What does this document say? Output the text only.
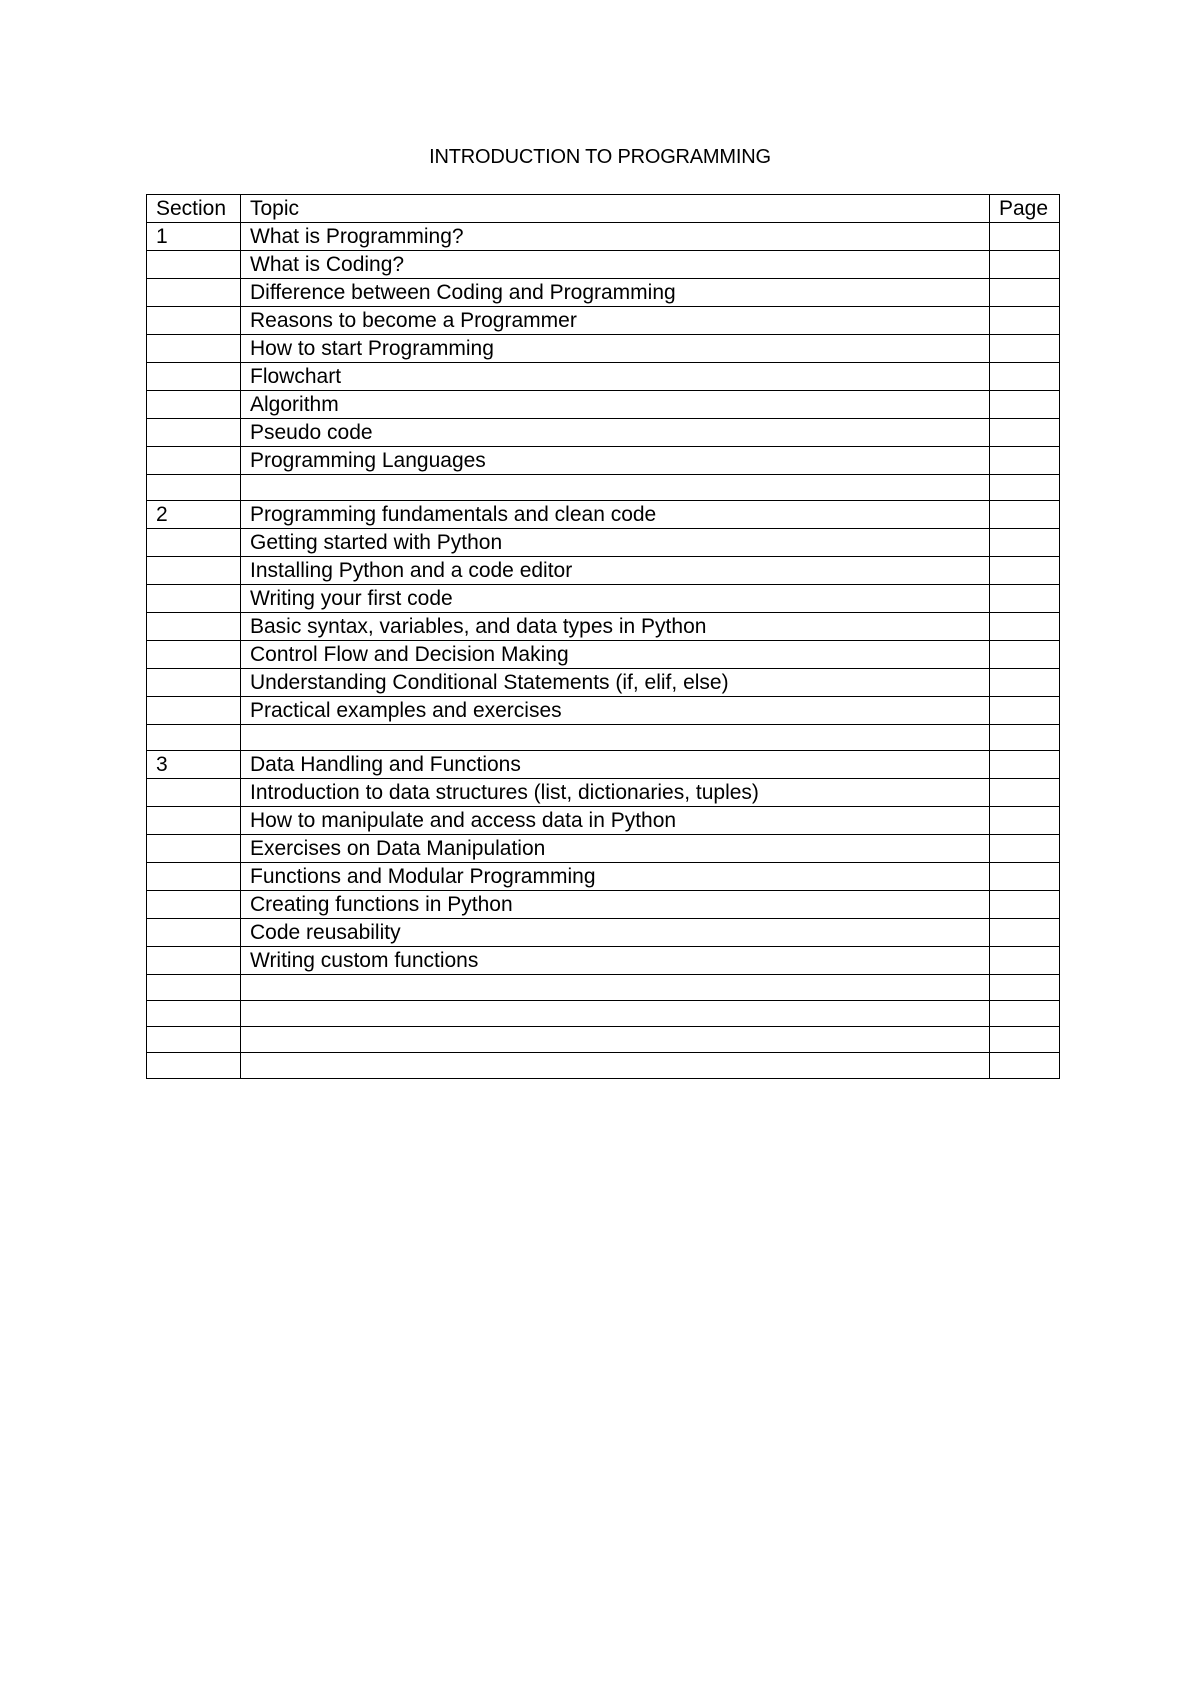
INTRODUCTION TO PROGRAMMING
Section	Topic	Page
1	What is Programming?	
	What is Coding?	
	Difference between Coding and Programming	
	Reasons to become a Programmer	
	How to start Programming	
	Flowchart	
	Algorithm	
	Pseudo code	
	Programming Languages	

2	Programming fundamentals and clean code	
	Getting started with Python	
	Installing Python and a code editor	
	Writing your first code	
	Basic syntax, variables, and data types in Python	
	Control Flow and Decision Making	
	Understanding Conditional Statements (if, elif, else)	
	Practical examples and exercises	

3	Data Handling and Functions	
	Introduction to data structures (list, dictionaries, tuples)	
	How to manipulate and access data in Python	
	Exercises on Data Manipulation	
	Functions and Modular Programming	
	Creating functions in Python	
	Code reusability	
	Writing custom functions	
